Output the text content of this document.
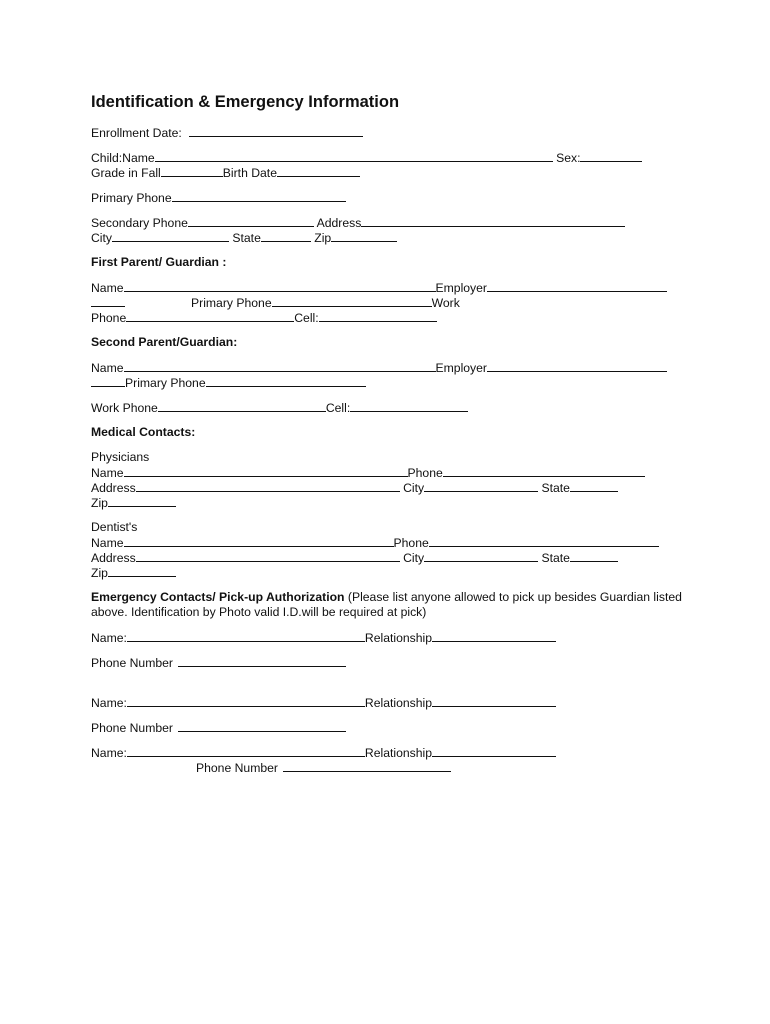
Identification & Emergency Information
Enrollment Date:
Child:Name	Sex:
Grade in Fall	Birth Date
Primary Phone
Secondary Phone	Address
City	State	Zip
First Parent/ Guardian :
Name	Employer
Primary Phone	Work
Phone	Cell:
Second Parent/Guardian:
Name	Employer
Primary Phone
Work Phone	Cell:
Medical Contacts:
Physicians
Name	Phone
Address	City	State
Zip
Dentist's
Name	Phone
Address	City	State
Zip
Emergency Contacts/ Pick-up Authorization (Please list anyone allowed to pick up besides Guardian listed above. Identification by Photo valid I.D.will be required at pick)
Name:	Relationship
Phone Number
Name:	Relationship
Phone Number
Name:	Relationship
Phone Number
